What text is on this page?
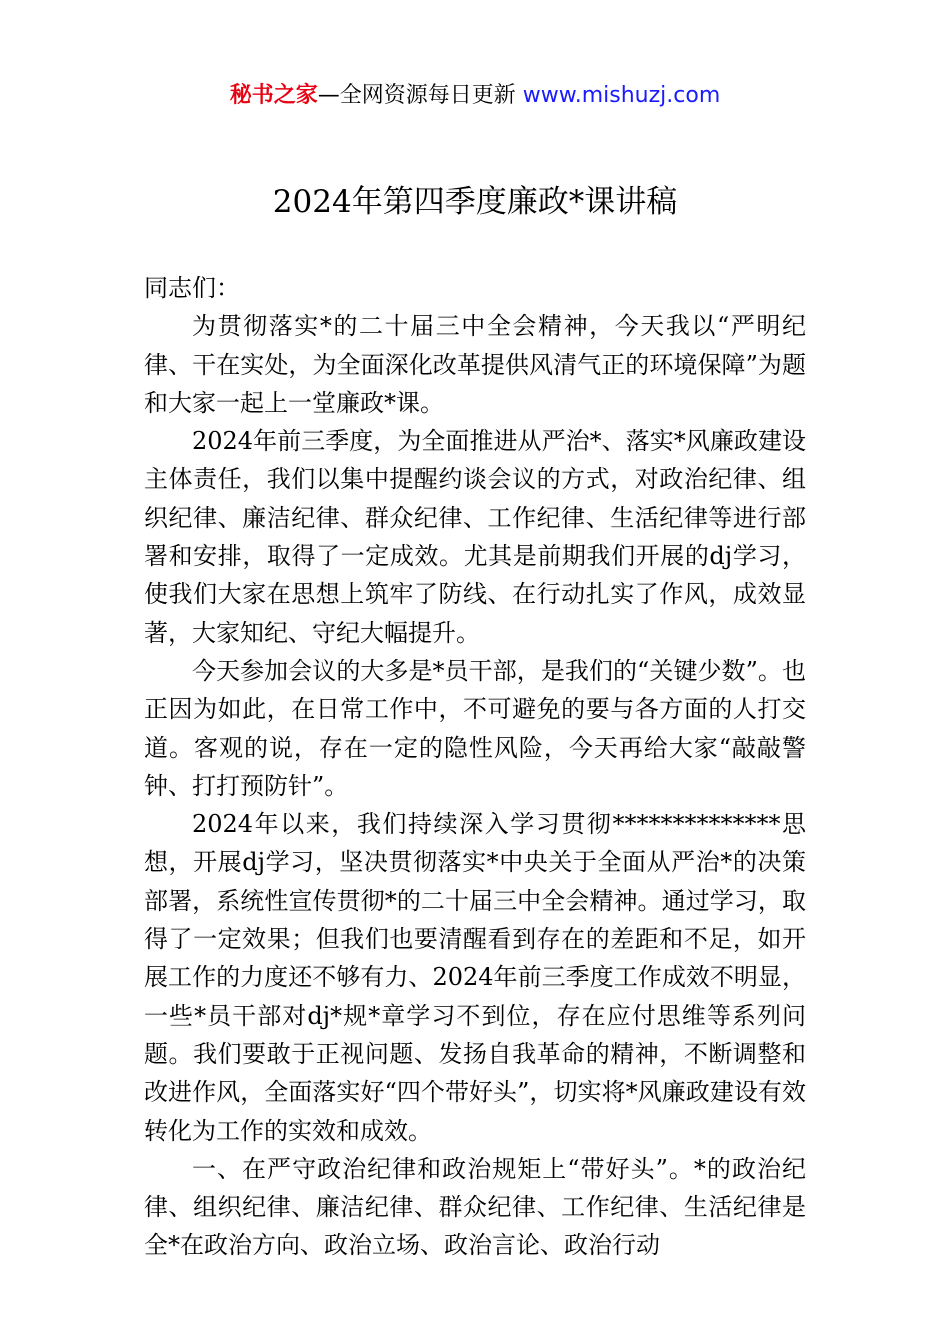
秘书之家—全网资源每日更新 www.mishuzj.com
2024年第四季度廉政*课讲稿

同志们：

为贯彻落实*的二十届三中全会精神，今天我以“严明纪律、干在实处，为全面深化改革提供风清气正的环境保障”为题和大家一起上一堂廉政*课。

2024年前三季度，为全面推进从严治*、落实*风廉政建设主体责任，我们以集中提醒约谈会议的方式，对政治纪律、组织纪律、廉洁纪律、群众纪律、工作纪律、生活纪律等进行部署和安排，取得了一定成效。尤其是前期我们开展的dj学习，使我们大家在思想上筑牢了防线、在行动扎实了作风，成效显著，大家知纪、守纪大幅提升。

今天参加会议的大多是*员干部，是我们的“关键少数”。也正因为如此，在日常工作中，不可避免的要与各方面的人打交道。客观的说，存在一定的隐性风险，今天再给大家“敲敲警钟、打打预防针”。

2024年以来，我们持续深入学习贯彻**************思想，开展dj学习，坚决贯彻落实*中央关于全面从严治*的决策部署，系统性宣传贯彻*的二十届三中全会精神。通过学习，取得了一定效果；但我们也要清醒看到存在的差距和不足，如开展工作的力度还不够有力、2024年前三季度工作成效不明显，一些*员干部对dj*规*章学习不到位，存在应付思维等系列问题。我们要敢于正视问题、发扬自我革命的精神，不断调整和改进作风，全面落实好“四个带好头”，切实将*风廉政建设有效转化为工作的实效和成效。

一、在严守政治纪律和政治规矩上“带好头”。*的政治纪律、组织纪律、廉洁纪律、群众纪律、工作纪律、生活纪律是全*在政治方向、政治立场、政治言论、政治行动
